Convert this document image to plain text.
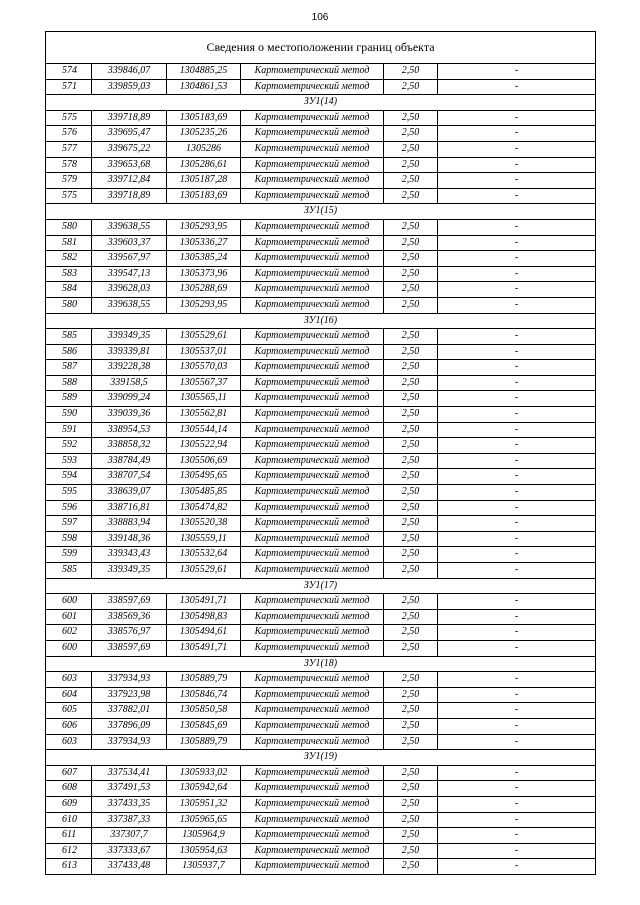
106
Сведения о местоположении границ объекта					
574	339846,07	1304885,25	Картометрический метод	2,50	-
571	339859,03	1304861,53	Картометрический метод	2,50	-
ЗУ1(14)					
575	339718,89	1305183,69	Картометрический метод	2,50	-
576	339695,47	1305235,26	Картометрический метод	2,50	-
577	339675,22	1305286	Картометрический метод	2,50	-
578	339653,68	1305286,61	Картометрический метод	2,50	-
579	339712,84	1305187,28	Картометрический метод	2,50	-
575	339718,89	1305183,69	Картометрический метод	2,50	-
ЗУ1(15)					
580	339638,55	1305293,95	Картометрический метод	2,50	-
581	339603,37	1305336,27	Картометрический метод	2,50	-
582	339567,97	1305385,24	Картометрический метод	2,50	-
583	339547,13	1305373,96	Картометрический метод	2,50	-
584	339628,03	1305288,69	Картометрический метод	2,50	-
580	339638,55	1305293,95	Картометрический метод	2,50	-
ЗУ1(16)					
585	339349,35	1305529,61	Картометрический метод	2,50	-
586	339339,81	1305537,01	Картометрический метод	2,50	-
587	339228,38	1305570,03	Картометрический метод	2,50	-
588	339158,5	1305567,37	Картометрический метод	2,50	-
589	339099,24	1305565,11	Картометрический метод	2,50	-
590	339039,36	1305562,81	Картометрический метод	2,50	-
591	338954,53	1305544,14	Картометрический метод	2,50	-
592	338858,32	1305522,94	Картометрический метод	2,50	-
593	338784,49	1305506,69	Картометрический метод	2,50	-
594	338707,54	1305495,65	Картометрический метод	2,50	-
595	338639,07	1305485,85	Картометрический метод	2,50	-
596	338716,81	1305474,82	Картометрический метод	2,50	-
597	338883,94	1305520,38	Картометрический метод	2,50	-
598	339148,36	1305559,11	Картометрический метод	2,50	-
599	339343,43	1305532,64	Картометрический метод	2,50	-
585	339349,35	1305529,61	Картометрический метод	2,50	-
ЗУ1(17)					
600	338597,69	1305491,71	Картометрический метод	2,50	-
601	338569,36	1305498,83	Картометрический метод	2,50	-
602	338576,97	1305494,61	Картометрический метод	2,50	-
600	338597,69	1305491,71	Картометрический метод	2,50	-
ЗУ1(18)					
603	337934,93	1305889,79	Картометрический метод	2,50	-
604	337923,98	1305846,74	Картометрический метод	2,50	-
605	337882,01	1305850,58	Картометрический метод	2,50	-
606	337896,09	1305845,69	Картометрический метод	2,50	-
603	337934,93	1305889,79	Картометрический метод	2,50	-
ЗУ1(19)					
607	337534,41	1305933,02	Картометрический метод	2,50	-
608	337491,53	1305942,64	Картометрический метод	2,50	-
609	337433,35	1305951,32	Картометрический метод	2,50	-
610	337387,33	1305965,65	Картометрический метод	2,50	-
611	337307,7	1305964,9	Картометрический метод	2,50	-
612	337333,67	1305954,63	Картометрический метод	2,50	-
613	337433,48	1305937,7	Картометрический метод	2,50	-
